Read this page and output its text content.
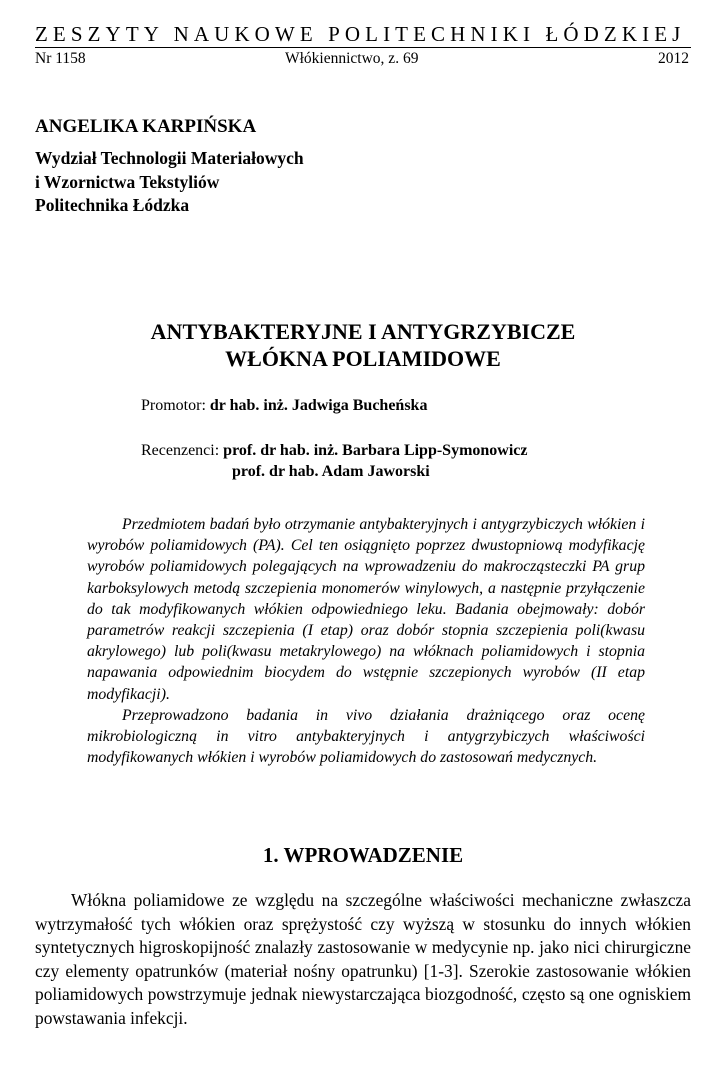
ZESZYTY NAUKOWE POLITECHNIKI ŁÓDZKIEJ
Nr 1158	Włókiennictwo, z. 69	2012
ANGELIKA KARPIŃSKA
Wydział Technologii Materiałowych
i Wzornictwa Tekstyliów
Politechnika Łódzka
ANTYBAKTERYJNE I ANTYGRZYBICZE
WŁÓKNA POLIAMIDOWE
Promotor: dr hab. inż. Jadwiga Bucheńska
Recenzenci: prof. dr hab. inż. Barbara Lipp-Symonowicz
prof. dr hab. Adam Jaworski

Przedmiotem badań było otrzymanie antybakteryjnych i antygrzybiczych włókien i wyrobów poliamidowych (PA). Cel ten osiągnięto poprzez dwustopniową modyfikację wyrobów poliamidowych polegających na wprowadzeniu do makrocząsteczki PA grup karboksylowych metodą szczepienia monomerów winylowych, a następnie przyłączenie do tak modyfikowanych włókien odpowiedniego leku. Badania obejmowały: dobór parametrów reakcji szczepienia (I etap) oraz dobór stopnia szczepienia poli(kwasu akrylowego) lub poli(kwasu metakrylowego) na włóknach poliamidowych i stopnia napawania odpowiednim biocydem do wstępnie szczepionych wyrobów (II etap modyfikacji).

Przeprowadzono badania in vivo działania drażniącego oraz ocenę mikrobiologiczną in vitro antybakteryjnych i antygrzybiczych właściwości modyfikowanych włókien i wyrobów poliamidowych do zastosowań medycznych.

1. WPROWADZENIE

Włókna poliamidowe ze względu na szczególne właściwości mechaniczne zwłaszcza wytrzymałość tych włókien oraz sprężystość czy wyższą w stosunku do innych włókien syntetycznych higroskopijność znalazły zastosowanie w medycynie np. jako nici chirurgiczne czy elementy opatrunków (materiał nośny opatrunku) [1-3]. Szerokie zastosowanie włókien poliamidowych powstrzymuje jednak niewystarczająca biozgodność, często są one ogniskiem powstawania infekcji.
